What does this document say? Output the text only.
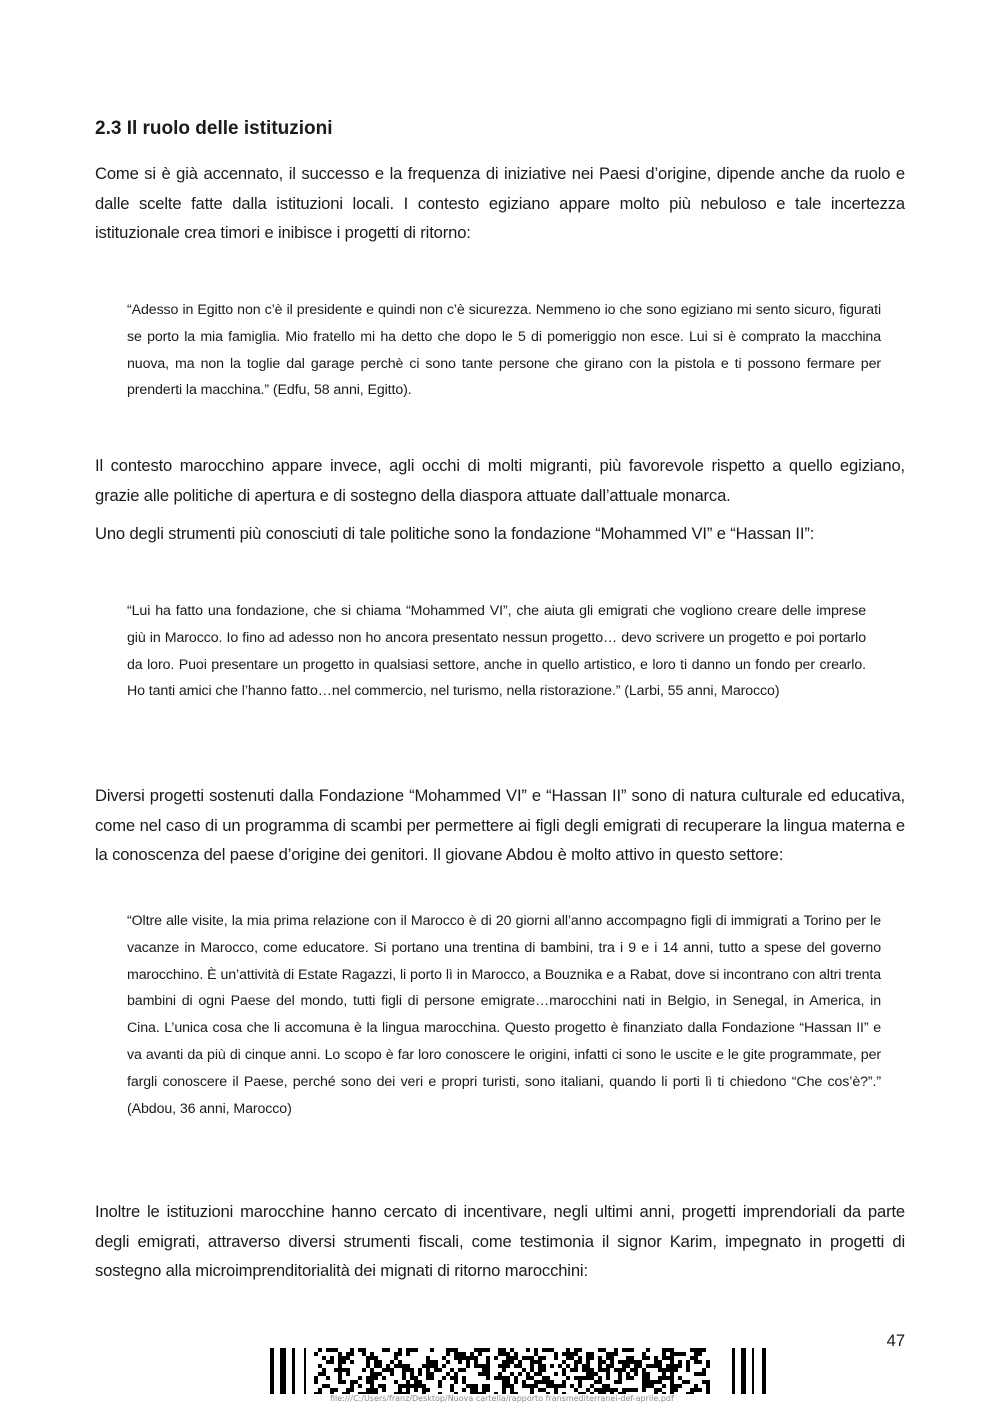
2.3 Il ruolo delle istituzioni

Come si è già accennato, il successo e la frequenza di iniziative nei Paesi d’origine, dipende anche da ruolo e dalle scelte fatte dalla istituzioni locali. I contesto egiziano appare molto più nebuloso e tale incertezza istituzionale crea timori e inibisce i progetti di ritorno:

“Adesso in Egitto non c’è il presidente e quindi non c’è sicurezza. Nemmeno io che sono egiziano mi sento sicuro, figurati se porto la mia famiglia. Mio fratello mi ha detto che dopo le 5 di pomeriggio non esce. Lui si è comprato la macchina nuova, ma non la toglie dal garage perchè ci sono tante persone che girano con la pistola e ti possono fermare per prenderti la macchina.” (Edfu, 58 anni, Egitto).

Il contesto marocchino appare invece, agli occhi di molti migranti, più favorevole rispetto a quello egiziano, grazie alle politiche di apertura e di sostegno della diaspora attuate dall’attuale monarca.

Uno degli strumenti più conosciuti di tale politiche sono la fondazione “Mohammed VI” e “Hassan II”:

“Lui ha fatto una fondazione, che si chiama “Mohammed VI”, che aiuta gli emigrati che vogliono creare delle imprese giù in Marocco. Io fino ad adesso non ho ancora presentato nessun progetto… devo scrivere un progetto e poi portarlo da loro. Puoi presentare un progetto in qualsiasi settore, anche in quello artistico, e loro ti danno un fondo per crearlo. Ho tanti amici che l’hanno fatto…nel commercio, nel turismo, nella ristorazione.” (Larbi, 55 anni, Marocco)

Diversi progetti sostenuti dalla Fondazione “Mohammed VI” e “Hassan II” sono di natura culturale ed educativa, come nel caso di un programma di scambi per permettere ai figli degli emigrati di recuperare la lingua materna e la conoscenza del paese d’origine dei genitori. Il giovane Abdou è molto attivo in questo settore:

“Oltre alle visite, la mia prima relazione con il Marocco è di 20 giorni all’anno accompagno figli di immigrati a Torino per le vacanze in Marocco, come educatore. Si portano una trentina di bambini, tra i 9 e i 14 anni, tutto a spese del governo marocchino. È un’attività di Estate Ragazzi, li porto lì in Marocco, a Bouznika e a Rabat, dove si incontrano con altri trenta bambini di ogni Paese del mondo, tutti figli di persone emigrate…marocchini nati in Belgio, in Senegal, in America, in Cina. L’unica cosa che li accomuna è la lingua marocchina. Questo progetto è finanziato dalla Fondazione “Hassan II” e va avanti da più di cinque anni. Lo scopo è far loro conoscere le origini, infatti ci sono le uscite e le gite programmate, per fargli conoscere il Paese, perché sono dei veri e propri turisti, sono italiani, quando li porti lì ti chiedono “Che cos’è?”.” (Abdou, 36 anni, Marocco)

Inoltre le istituzioni marocchine hanno cercato di incentivare, negli ultimi anni, progetti imprendoriali da parte degli emigrati, attraverso diversi strumenti fiscali, come testimonia il signor Karim, impegnato in progetti di sostegno alla microimprenditorialità dei mignati di ritorno marocchini:

47
file:///C:/Users/franz/Desktop/Nuova cartella/rapporto fransmediterranei-def-aprile.pdf
